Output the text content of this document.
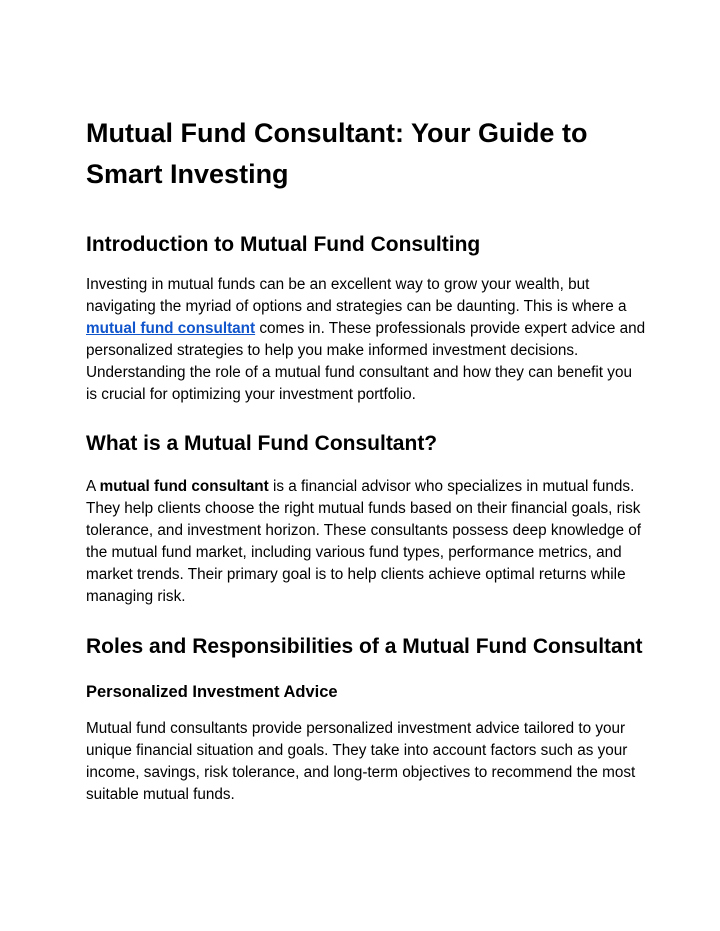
Mutual Fund Consultant: Your Guide to Smart Investing
Introduction to Mutual Fund Consulting

Investing in mutual funds can be an excellent way to grow your wealth, but navigating the myriad of options and strategies can be daunting. This is where a mutual fund consultant comes in. These professionals provide expert advice and personalized strategies to help you make informed investment decisions. Understanding the role of a mutual fund consultant and how they can benefit you is crucial for optimizing your investment portfolio.

What is a Mutual Fund Consultant?

A mutual fund consultant is a financial advisor who specializes in mutual funds. They help clients choose the right mutual funds based on their financial goals, risk tolerance, and investment horizon. These consultants possess deep knowledge of the mutual fund market, including various fund types, performance metrics, and market trends. Their primary goal is to help clients achieve optimal returns while managing risk.

Roles and Responsibilities of a Mutual Fund Consultant
Personalized Investment Advice

Mutual fund consultants provide personalized investment advice tailored to your unique financial situation and goals. They take into account factors such as your income, savings, risk tolerance, and long-term objectives to recommend the most suitable mutual funds.
